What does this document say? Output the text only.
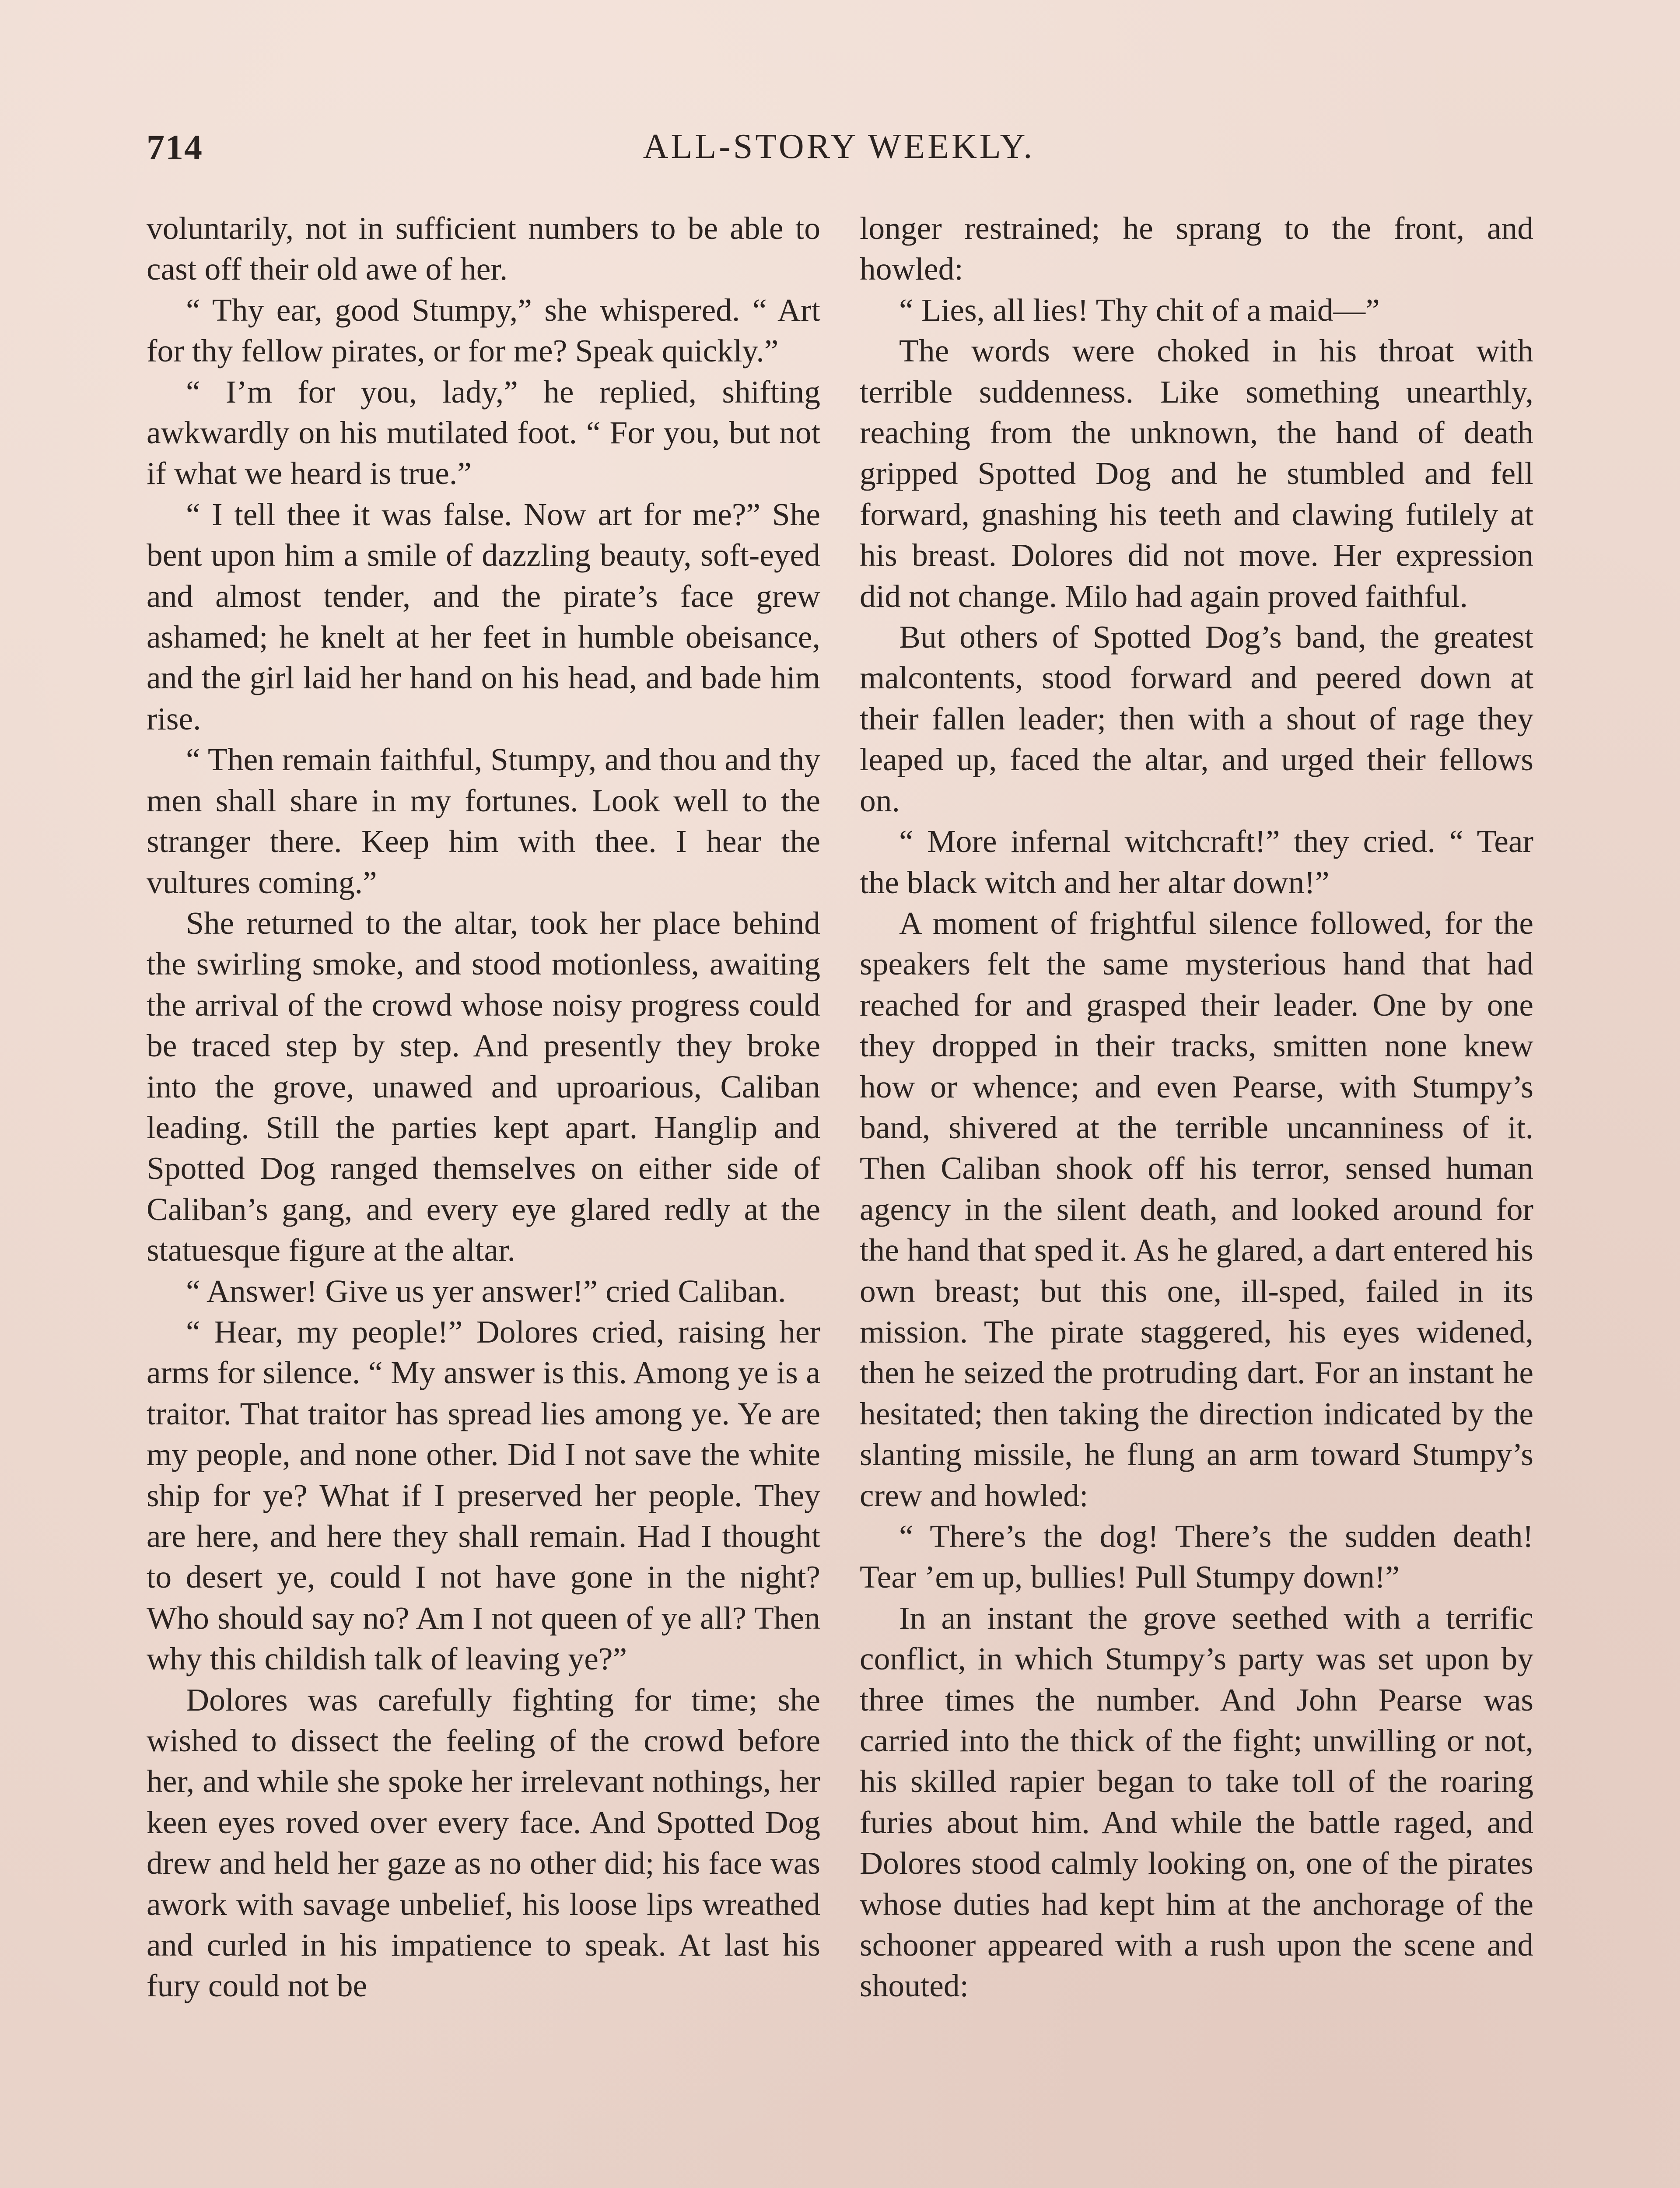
714	ALL-STORY WEEKLY.

voluntarily, not in sufficient numbers to be able to cast off their old awe of her.

“ Thy ear, good Stumpy,” she whispered. “ Art for thy fellow pirates, or for me? Speak quickly.”

“ I’m for you, lady,” he replied, shifting awkwardly on his mutilated foot. “ For you, but not if what we heard is true.”

“ I tell thee it was false. Now art for me?” She bent upon him a smile of dazzling beauty, soft-eyed and almost tender, and the pirate’s face grew ashamed; he knelt at her feet in humble obeisance, and the girl laid her hand on his head, and bade him rise.

“ Then remain faithful, Stumpy, and thou and thy men shall share in my fortunes. Look well to the stranger there. Keep him with thee. I hear the vultures coming.”

She returned to the altar, took her place behind the swirling smoke, and stood motionless, awaiting the arrival of the crowd whose noisy progress could be traced step by step. And presently they broke into the grove, unawed and uproarious, Caliban leading. Still the parties kept apart. Hanglip and Spotted Dog ranged themselves on either side of Caliban’s gang, and every eye glared redly at the statuesque figure at the altar.

“ Answer! Give us yer answer!” cried Caliban.

“ Hear, my people!” Dolores cried, raising her arms for silence. “ My answer is this. Among ye is a traitor. That traitor has spread lies among ye. Ye are my people, and none other. Did I not save the white ship for ye? What if I preserved her people. They are here, and here they shall remain. Had I thought to desert ye, could I not have gone in the night? Who should say no? Am I not queen of ye all? Then why this childish talk of leaving ye?”

Dolores was carefully fighting for time; she wished to dissect the feeling of the crowd before her, and while she spoke her irrelevant nothings, her keen eyes roved over every face. And Spotted Dog drew and held her gaze as no other did; his face was awork with savage unbelief, his loose lips wreathed and curled in his impatience to speak. At last his fury could not be

longer restrained; he sprang to the front, and howled:

“ Lies, all lies! Thy chit of a maid—”

The words were choked in his throat with terrible suddenness. Like something unearthly, reaching from the unknown, the hand of death gripped Spotted Dog and he stumbled and fell forward, gnashing his teeth and clawing futilely at his breast. Dolores did not move. Her expression did not change. Milo had again proved faithful.

But others of Spotted Dog’s band, the greatest malcontents, stood forward and peered down at their fallen leader; then with a shout of rage they leaped up, faced the altar, and urged their fellows on.

“ More infernal witchcraft!” they cried. “ Tear the black witch and her altar down!”

A moment of frightful silence followed, for the speakers felt the same mysterious hand that had reached for and grasped their leader. One by one they dropped in their tracks, smitten none knew how or whence; and even Pearse, with Stumpy’s band, shivered at the terrible uncanniness of it. Then Caliban shook off his terror, sensed human agency in the silent death, and looked around for the hand that sped it. As he glared, a dart entered his own breast; but this one, ill-sped, failed in its mission. The pirate staggered, his eyes widened, then he seized the protruding dart. For an instant he hesitated; then taking the direction indicated by the slanting missile, he flung an arm toward Stumpy’s crew and howled:

“ There’s the dog! There’s the sudden death! Tear ’em up, bullies! Pull Stumpy down!”

In an instant the grove seethed with a terrific conflict, in which Stumpy’s party was set upon by three times the number. And John Pearse was carried into the thick of the fight; unwilling or not, his skilled rapier began to take toll of the roaring furies about him. And while the battle raged, and Dolores stood calmly looking on, one of the pirates whose duties had kept him at the anchorage of the schooner appeared with a rush upon the scene and shouted:
